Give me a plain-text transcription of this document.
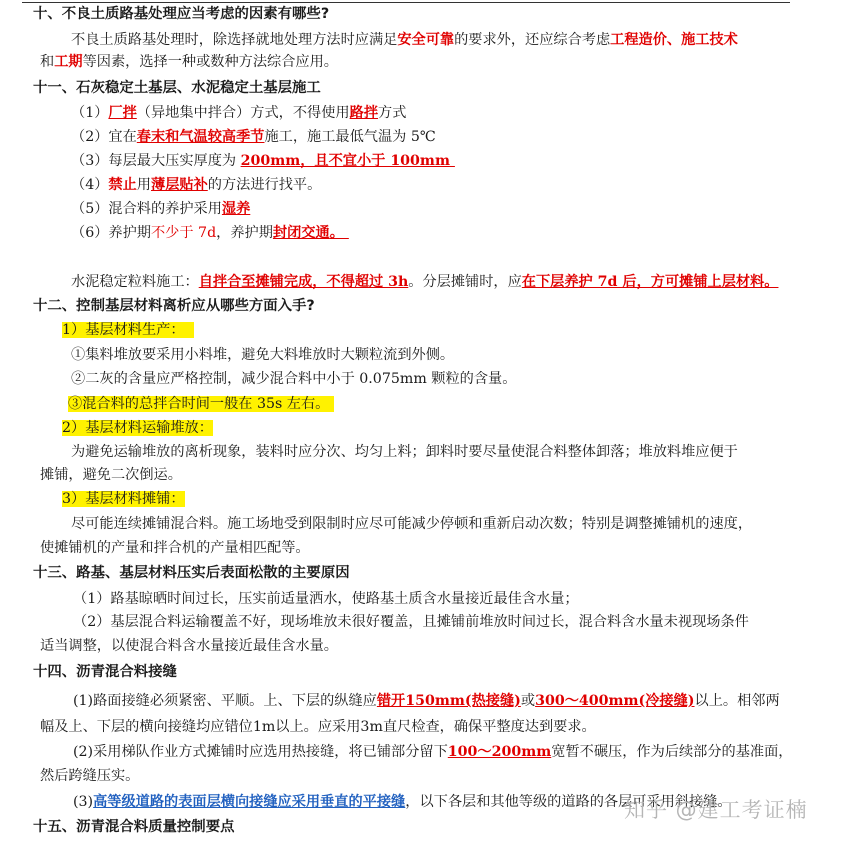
十、不良土质路基处理应当考虑的因素有哪些?
不良土质路基处理时，除选择就地处理方法时应满足安全可靠的要求外，还应综合考虑工程造价、施工技术
和工期等因素，选择一种或数种方法综合应用。
十一、石灰稳定土基层、水泥稳定土基层施工
（1）厂拌（异地集中拌合）方式，不得使用路拌方式
（2）宜在春末和气温较高季节施工，施工最低气温为 5℃
（3）每层最大压实厚度为 200mm，且不宜小于 100mm
（4）禁止用薄层贴补的方法进行找平。
（5）混合料的养护采用湿养
（6）养护期不少于 7d，养护期封闭交通。
水泥稳定粒料施工：自拌合至摊铺完成，不得超过 3h。分层摊铺时，应在下层养护 7d 后，方可摊铺上层材料。
十二、控制基层材料离析应从哪些方面入手?
1）基层材料生产：
①集料堆放要采用小料堆，避免大料堆放时大颗粒流到外侧。
②二灰的含量应严格控制，减少混合料中小于 0.075mm 颗粒的含量。
③混合料的总拌合时间一般在 35s 左右。
2）基层材料运输堆放：
为避免运输堆放的离析现象，装料时应分次、均匀上料；卸料时要尽量使混合料整体卸落；堆放料堆应便于
摊铺，避免二次倒运。
3）基层材料摊铺：
尽可能连续摊铺混合料。施工场地受到限制时应尽可能减少停顿和重新启动次数；特别是调整摊铺机的速度，
使摊铺机的产量和拌合机的产量相匹配等。
十三、路基、基层材料压实后表面松散的主要原因
（1）路基晾晒时间过长，压实前适量洒水，使路基土质含水量接近最佳含水量；
（2）基层混合料运输覆盖不好，现场堆放未很好覆盖，且摊铺前堆放时间过长，混合料含水量未视现场条件
适当调整，以使混合料含水量接近最佳含水量。
十四、沥青混合料接缝
(1)路面接缝必须紧密、平顺。上、下层的纵缝应错开150mm(热接缝)或300～400mm(冷接缝)以上。相邻两
幅及上、下层的横向接缝均应错位1m以上。应采用3m直尺检查，确保平整度达到要求。
(2)采用梯队作业方式摊铺时应选用热接缝，将已铺部分留下100～200mm宽暂不碾压，作为后续部分的基准面，
然后跨缝压实。
(3)高等级道路的表面层横向接缝应采用垂直的平接缝，以下各层和其他等级的道路的各层可采用斜接缝。
十五、沥青混合料质量控制要点
知乎 @建工考证楠
